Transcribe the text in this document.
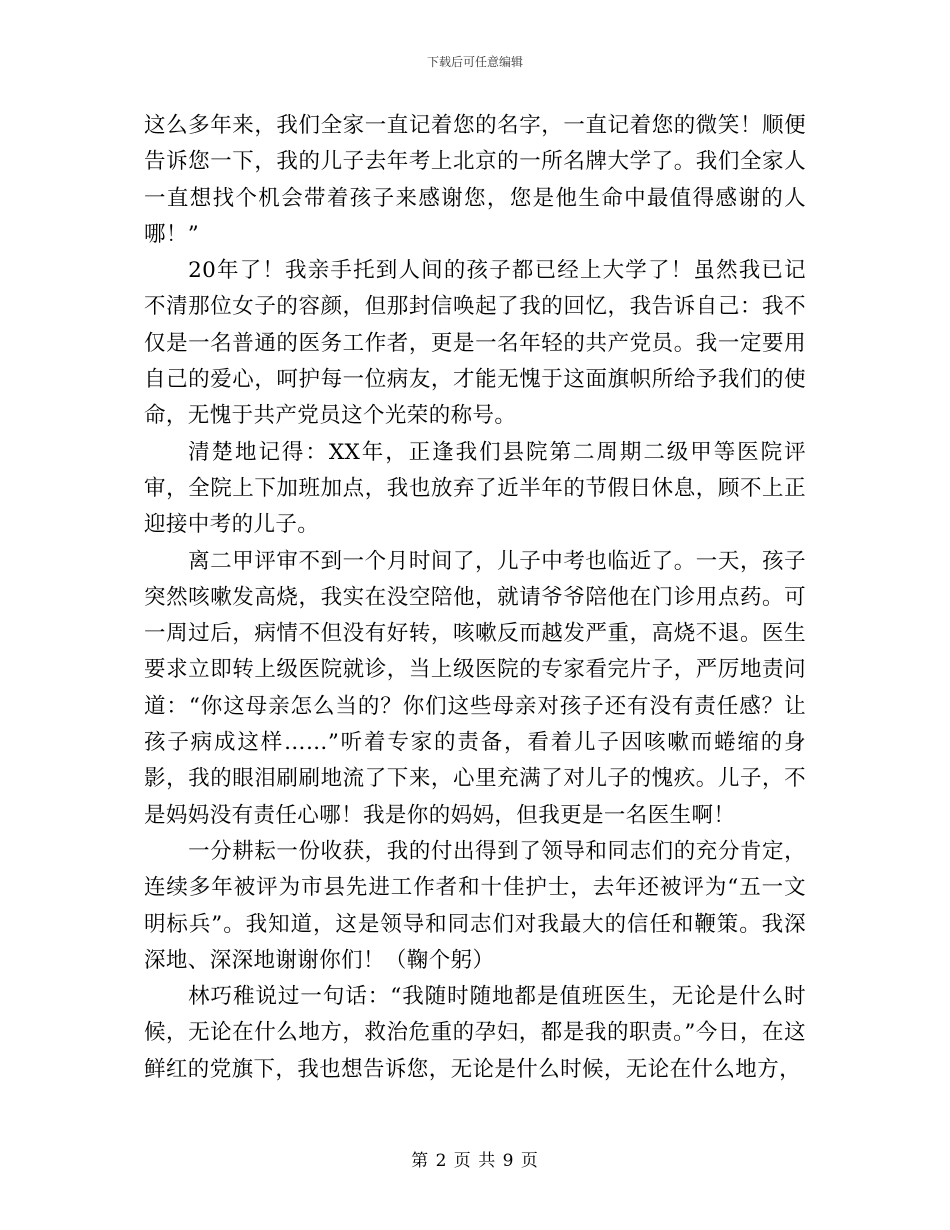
下载后可任意编辑

这么多年来，我们全家一直记着您的名字，一直记着您的微笑！顺便告诉您一下，我的儿子去年考上北京的一所名牌大学了。我们全家人一直想找个机会带着孩子来感谢您，您是他生命中最值得感谢的人哪！”

20年了！我亲手托到人间的孩子都已经上大学了！虽然我已记不清那位女子的容颜，但那封信唤起了我的回忆，我告诉自己：我不仅是一名普通的医务工作者，更是一名年轻的共产党员。我一定要用自己的爱心，呵护每一位病友，才能无愧于这面旗帜所给予我们的使命，无愧于共产党员这个光荣的称号。

清楚地记得：XX年，正逢我们县院第二周期二级甲等医院评审，全院上下加班加点，我也放弃了近半年的节假日休息，顾不上正迎接中考的儿子。

离二甲评审不到一个月时间了，儿子中考也临近了。一天，孩子突然咳嗽发高烧，我实在没空陪他，就请爷爷陪他在门诊用点药。可一周过后，病情不但没有好转，咳嗽反而越发严重，高烧不退。医生要求立即转上级医院就诊，当上级医院的专家看完片子，严厉地责问道：“你这母亲怎么当的？你们这些母亲对孩子还有没有责任感？让孩子病成这样……”听着专家的责备，看着儿子因咳嗽而蜷缩的身影，我的眼泪刷刷地流了下来，心里充满了对儿子的愧疚。儿子，不是妈妈没有责任心哪！我是你的妈妈，但我更是一名医生啊！

一分耕耘一份收获，我的付出得到了领导和同志们的充分肯定，连续多年被评为市县先进工作者和十佳护士，去年还被评为“五一文明标兵”。我知道，这是领导和同志们对我最大的信任和鞭策。我深深地、深深地谢谢你们！（鞠个躬）

林巧稚说过一句话：“我随时随地都是值班医生，无论是什么时候，无论在什么地方，救治危重的孕妇，都是我的职责。”今日，在这鲜红的党旗下，我也想告诉您，无论是什么时候，无论在什么地方，

第 2 页 共 9 页
